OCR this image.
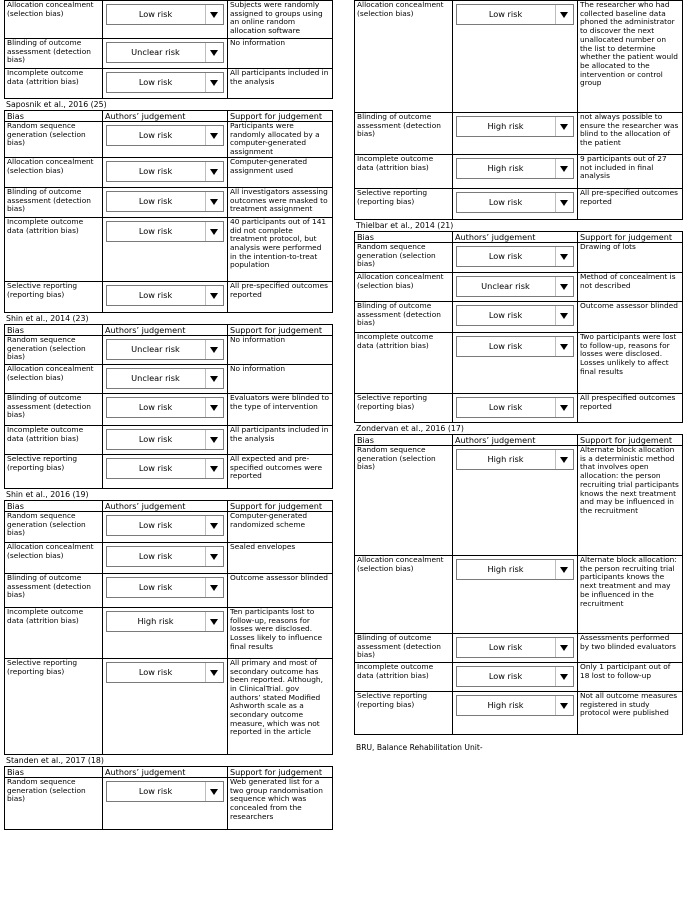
Allocation concealment (selection bias)	Low risk	Subjects were randomly assigned to groups using an online random allocation software
Blinding of outcome assessment (detection bias)	Unclear risk	No information
Incomplete outcome data (attrition bias)	Low risk	All participants included in the analysis
Saposnik et al., 2016 (25)
Bias	Authors’ judgement	Support for judgement
Random sequence generation (selection bias)	Low risk	Participants were randomly allocated by a computer-generated assignment
Allocation concealment (selection bias)	Low risk	Computer-generated assignment used
Blinding of outcome assessment (detection bias)	Low risk	All investigators assessing outcomes were masked to treatment assignment
Incomplete outcome data (attrition bias)	Low risk	40 participants out of 141 did not complete treatment protocol, but analysis were performed in the intention-to-treat population
Selective reporting (reporting bias)	Low risk	All pre-specified outcomes reported
Shin et al., 2014 (23)
Bias	Authors’ judgement	Support for judgement
Random sequence generation (selection bias)	Unclear risk	No information
Allocation concealment (selection bias)	Unclear risk	No information
Blinding of outcome assessment (detection bias)	Low risk	Evaluators were blinded to the type of intervention
Incomplete outcome data (attrition bias)	Low risk	All participants included in the analysis
Selective reporting (reporting bias)	Low risk	All expected and pre-specified outcomes were reported
Shin et al., 2016 (19)
Bias	Authors’ judgement	Support for judgement
Random sequence generation (selection bias)	Low risk	Computer-generated randomized scheme
Allocation concealment (selection bias)	Low risk	Sealed envelopes
Blinding of outcome assessment (detection bias)	Low risk	Outcome assessor blinded
Incomplete outcome data (attrition bias)	High risk	Ten participants lost to follow-up, reasons for losses were disclosed. Losses likely to influence final results
Selective reporting (reporting bias)	Low risk	All primary and most of secondary outcome has been reported. Although, in ClinicalTrial. gov authors’ stated Modified Ashworth scale as a secondary outcome measure, which was not reported in the article
Standen et al., 2017 (18)
Bias	Authors’ judgement	Support for judgement
Random sequence generation (selection bias)	Low risk	Web generated list for a two group randomisation sequence which was concealed from the researchers
Allocation concealment (selection bias)	Low risk	The researcher who had collected baseline data phoned the administrator to discover the next unallocated number on the list to determine whether the patient would be allocated to the intervention or control group
Blinding of outcome assessment (detection bias)	High risk	not always possible to ensure the researcher was blind to the allocation of the patient
Incomplete outcome data (attrition bias)	High risk	9 participants out of 27 not included in final analysis
Selective reporting (reporting bias)	Low risk	All pre-specified outcomes reported
Thielbar et al., 2014 (21)
Bias	Authors’ judgement	Support for judgement
Random sequence generation (selection bias)	Low risk	Drawing of lots
Allocation concealment (selection bias)	Unclear risk	Method of concealment is not described
Blinding of outcome assessment (detection bias)	Low risk	Outcome assessor blinded
Incomplete outcome data (attrition bias)	Low risk	Two participants were lost to follow-up, reasons for losses were disclosed. Losses unlikely to affect final results
Selective reporting (reporting bias)	Low risk	All prespecified outcomes reported
Zondervan et al., 2016 (17)
Bias	Authors’ judgement	Support for judgement
Random sequence generation (selection bias)	High risk	Alternate block allocation is a deterministic method that involves open allocation: the person recruiting trial participants knows the next treatment and may be influenced in the recruitment
Allocation concealment (selection bias)	High risk	Alternate block allocation: the person recruiting trial participants knows the next treatment and may be influenced in the recruitment
Blinding of outcome assessment (detection bias)	Low risk	Assessments performed by two blinded evaluators
Incomplete outcome data (attrition bias)	Low risk	Only 1 participant out of 18 lost to follow-up
Selective reporting (reporting bias)	High risk	Not all outcome measures registered in study protocol were published
BRU, Balance Rehabilitation Unit-
